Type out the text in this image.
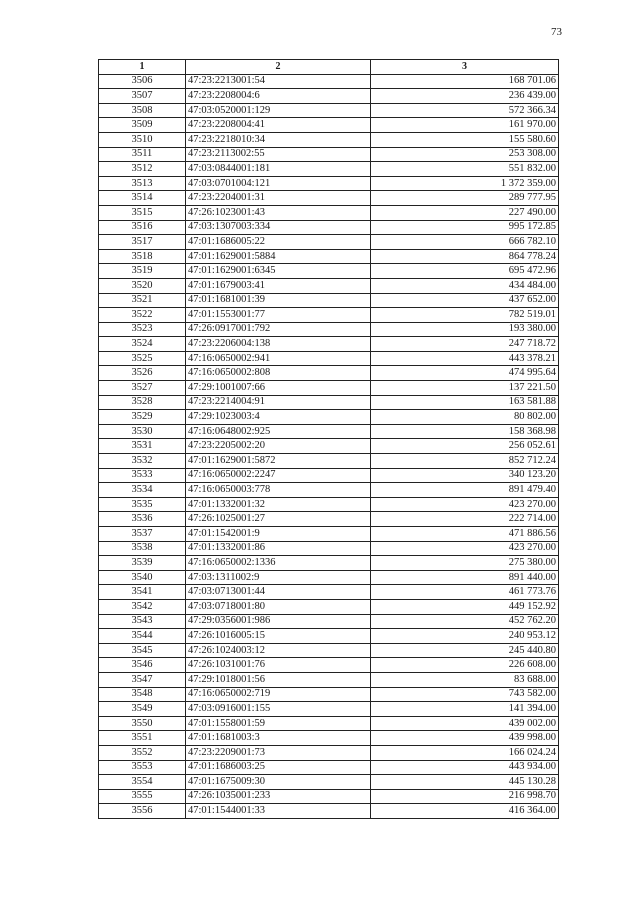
73
1	2	3
3506	47:23:2213001:54	168 701.06
3507	47:23:2208004:6	236 439.00
3508	47:03:0520001:129	572 366.34
3509	47:23:2208004:41	161 970.00
3510	47:23:2218010:34	155 580.60
3511	47:23:2113002:55	253 308.00
3512	47:03:0844001:181	551 832.00
3513	47:03:0701004:121	1 372 359.00
3514	47:23:2204001:31	289 777.95
3515	47:26:1023001:43	227 490.00
3516	47:03:1307003:334	995 172.85
3517	47:01:1686005:22	666 782.10
3518	47:01:1629001:5884	864 778.24
3519	47:01:1629001:6345	695 472.96
3520	47:01:1679003:41	434 484.00
3521	47:01:1681001:39	437 652.00
3522	47:01:1553001:77	782 519.01
3523	47:26:0917001:792	193 380.00
3524	47:23:2206004:138	247 718.72
3525	47:16:0650002:941	443 378.21
3526	47:16:0650002:808	474 995.64
3527	47:29:1001007:66	137 221.50
3528	47:23:2214004:91	163 581.88
3529	47:29:1023003:4	80 802.00
3530	47:16:0648002:925	158 368.98
3531	47:23:2205002:20	256 052.61
3532	47:01:1629001:5872	852 712.24
3533	47:16:0650002:2247	340 123.20
3534	47:16:0650003:778	891 479.40
3535	47:01:1332001:32	423 270.00
3536	47:26:1025001:27	222 714.00
3537	47:01:1542001:9	471 886.56
3538	47:01:1332001:86	423 270.00
3539	47:16:0650002:1336	275 380.00
3540	47:03:1311002:9	891 440.00
3541	47:03:0713001:44	461 773.76
3542	47:03:0718001:80	449 152.92
3543	47:29:0356001:986	452 762.20
3544	47:26:1016005:15	240 953.12
3545	47:26:1024003:12	245 440.80
3546	47:26:1031001:76	226 608.00
3547	47:29:1018001:56	83 688.00
3548	47:16:0650002:719	743 582.00
3549	47:03:0916001:155	141 394.00
3550	47:01:1558001:59	439 002.00
3551	47:01:1681003:3	439 998.00
3552	47:23:2209001:73	166 024.24
3553	47:01:1686003:25	443 934.00
3554	47:01:1675009:30	445 130.28
3555	47:26:1035001:233	216 998.70
3556	47:01:1544001:33	416 364.00
